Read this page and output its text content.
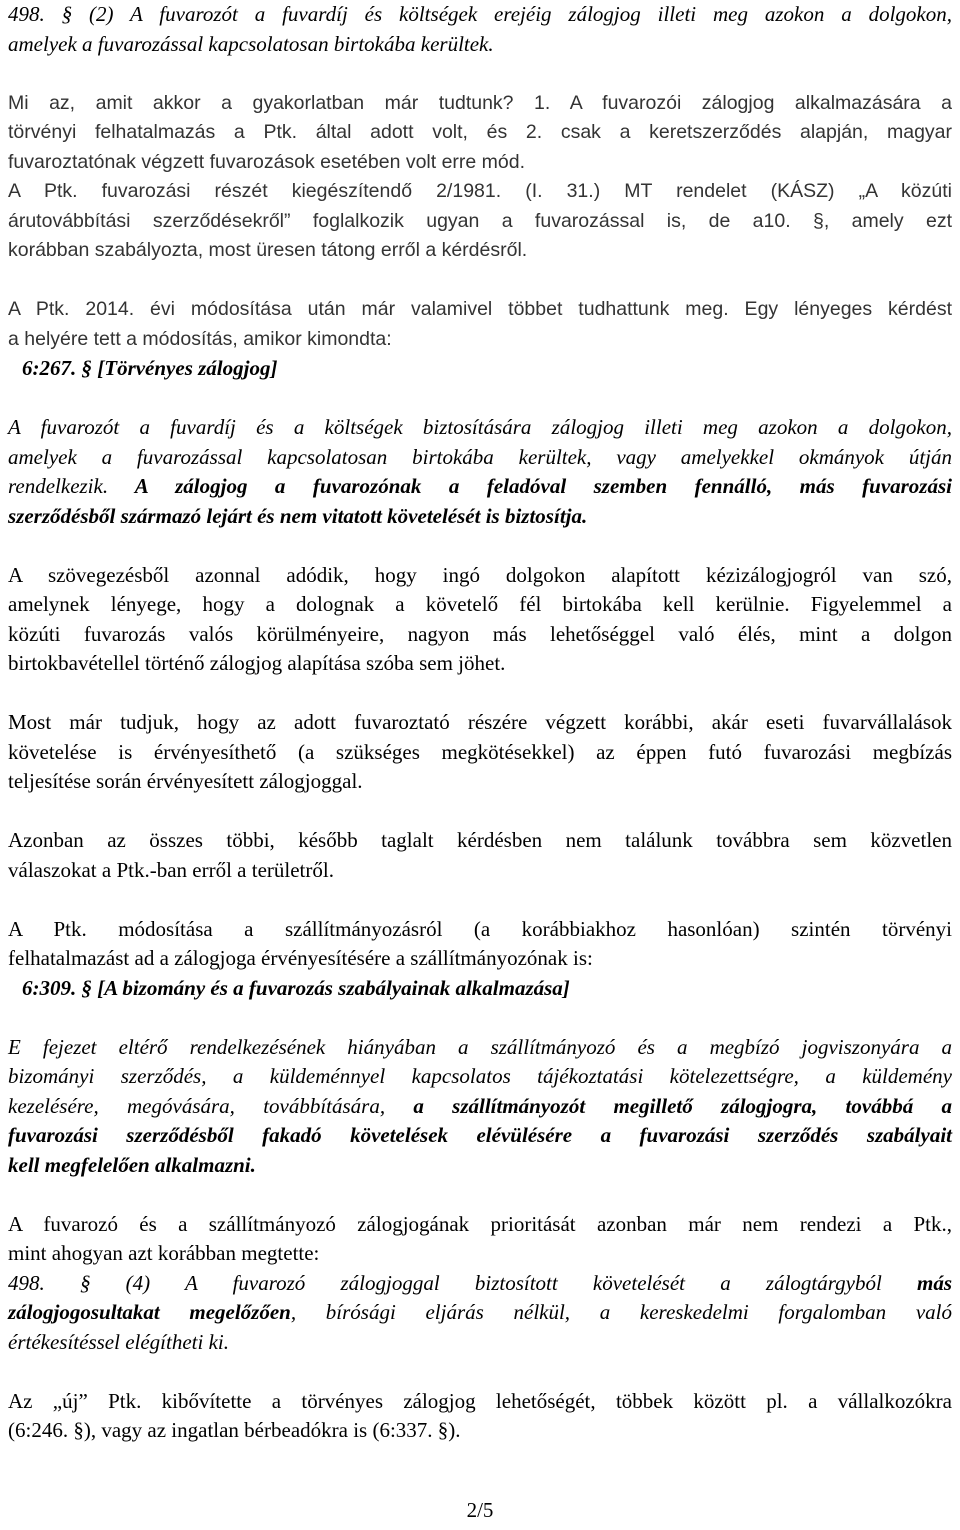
498. § (2) A fuvarozót a fuvardíj és költségek erejéig zálogjog illeti meg azokon a dolgokon,
amelyek a fuvarozással kapcsolatosan birtokába kerültek.
Mi az, amit akkor a gyakorlatban már tudtunk? 1. A fuvarozói zálogjog alkalmazására a
törvényi felhatalmazás a Ptk. által adott volt, és 2. csak a keretszerződés alapján, magyar
fuvaroztatónak végzett fuvarozások esetében volt erre mód.
A Ptk. fuvarozási részét kiegészítendő 2/1981. (I. 31.) MT rendelet (KÁSZ) „A közúti
árutovábbítási szerződésekről” foglalkozik ugyan a fuvarozással is, de a10. §, amely ezt
korábban szabályozta, most üresen tátong erről a kérdésről.
A Ptk. 2014. évi módosítása után már valamivel többet tudhattunk meg. Egy lényeges kérdést
a helyére tett a módosítás, amikor kimondta:
6:267. § [Törvényes zálogjog]
A fuvarozót a fuvardíj és a költségek biztosítására zálogjog illeti meg azokon a dolgokon,
amelyek a fuvarozással kapcsolatosan birtokába kerültek, vagy amelyekkel okmányok útján
rendelkezik. A zálogjog a fuvarozónak a feladóval szemben fennálló, más fuvarozási
szerződésből származó lejárt és nem vitatott követelését is biztosítja.
A szövegezésből azonnal adódik, hogy ingó dolgokon alapított kézizálogjogról van szó,
amelynek lényege, hogy a dolognak a követelő fél birtokába kell kerülnie. Figyelemmel a
közúti fuvarozás valós körülményeire, nagyon más lehetőséggel való élés, mint a dolgon
birtokbavétellel történő zálogjog alapítása szóba sem jöhet.
Most már tudjuk, hogy az adott fuvaroztató részére végzett korábbi, akár eseti fuvarvállalások
követelése is érvényesíthető (a szükséges megkötésekkel) az éppen futó fuvarozási megbízás
teljesítése során érvényesített zálogjoggal.
Azonban az összes többi, később taglalt kérdésben nem találunk továbbra sem közvetlen
válaszokat a Ptk.-ban erről a területről.
A Ptk. módosítása a szállítmányozásról (a korábbiakhoz hasonlóan) szintén törvényi
felhatalmazást ad a zálogjoga érvényesítésére a szállítmányozónak is:
6:309. § [A bizomány és a fuvarozás szabályainak alkalmazása]
E fejezet eltérő rendelkezésének hiányában a szállítmányozó és a megbízó jogviszonyára a
bizományi szerződés, a küldeménnyel kapcsolatos tájékoztatási kötelezettségre, a küldemény
kezelésére, megóvására, továbbítására, a szállítmányozót megillető zálogjogra, továbbá a
fuvarozási szerződésből fakadó követelések elévülésére a fuvarozási szerződés szabályait
kell megfelelően alkalmazni.
A fuvarozó és a szállítmányozó zálogjogának prioritását azonban már nem rendezi a Ptk.,
mint ahogyan azt korábban megtette:
498. § (4) A fuvarozó zálogjoggal biztosított követelését a zálogtárgyból más
zálogjogosultakat megelőzően, bírósági eljárás nélkül, a kereskedelmi forgalomban való
értékesítéssel elégítheti ki.
Az „új” Ptk. kibővítette a törvényes zálogjog lehetőségét, többek között pl. a vállalkozókra
(6:246. §), vagy az ingatlan bérbeadókra is (6:337. §).
2/5
